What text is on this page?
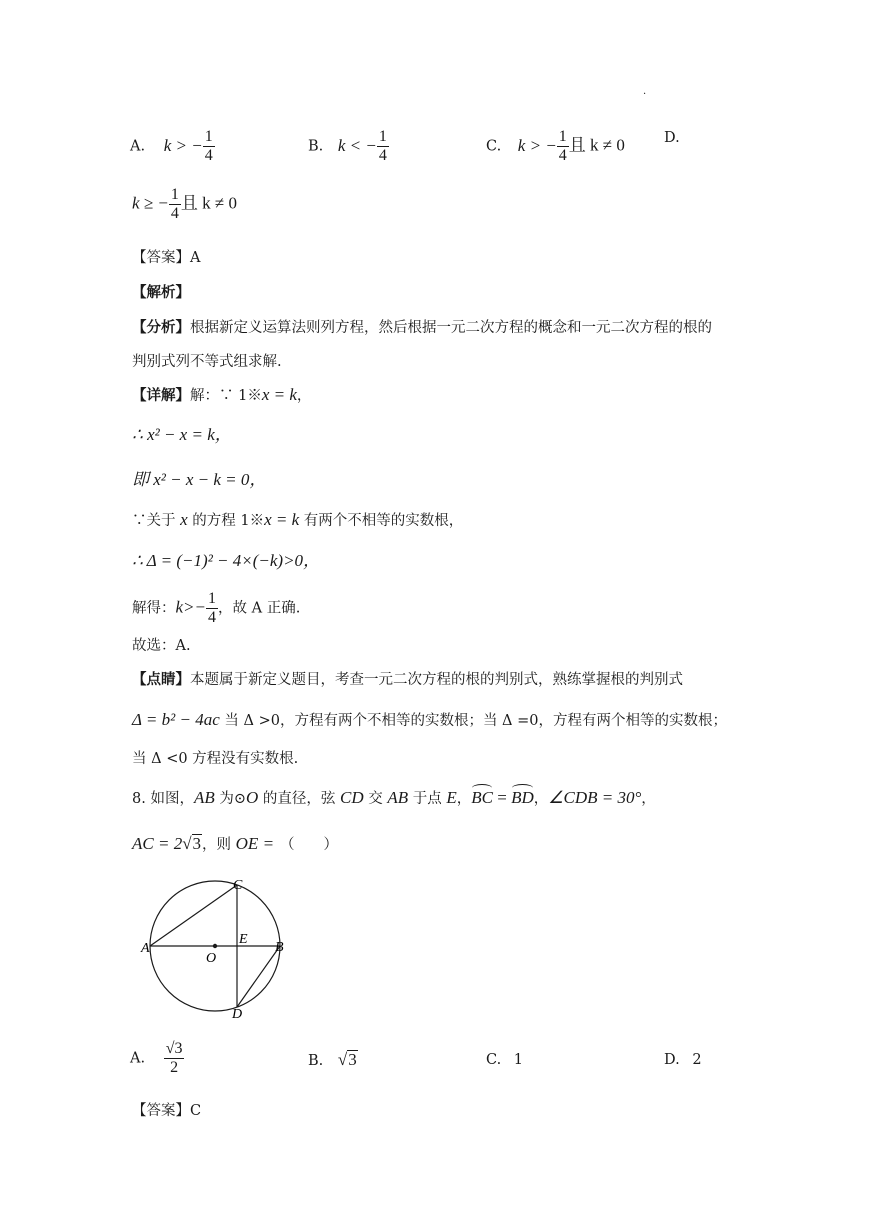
.
A. k > − $\frac{1}{4}$	B. k < − $\frac{1}{4}$	C. k > − $\frac{1}{4}$ 且 k ≠ 0	D.
k ≥ − $\frac{1}{4}$ 且 k ≠ 0
【答案】A
【解析】
【分析】根据新定义运算法则列方程，然后根据一元二次方程的概念和一元二次方程的根的
判别式列不等式组求解.
【详解】解：∵ 1※x = k，
∴ x² − x = k，
即 x² − x − k = 0，
∵关于 x 的方程 1※x = k 有两个不相等的实数根，
∴ Δ = (−1)² − 4×(−k)>0，
解得：$k>- \frac{1}{4}$ ，故 A 正确.
故选：A.
【点睛】本题属于新定义题目，考查一元二次方程的根的判别式，熟练掌握根的判别式
Δ = b² − 4ac 当 Δ >0，方程有两个不相等的实数根；当 Δ =0，方程有两个相等的实数根；
当 Δ <0 方程没有实数根.
8. 如图，AB 为⊙O 的直径，弦 CD 交 AB 于点 E，BC = BD，∠CDB = 30°，
AC = 2√3，则 OE = （　　）
C
A
O
E
B
D
A. $\frac{√3}{2}$	B. √3	C. 1	D. 2
【答案】C
